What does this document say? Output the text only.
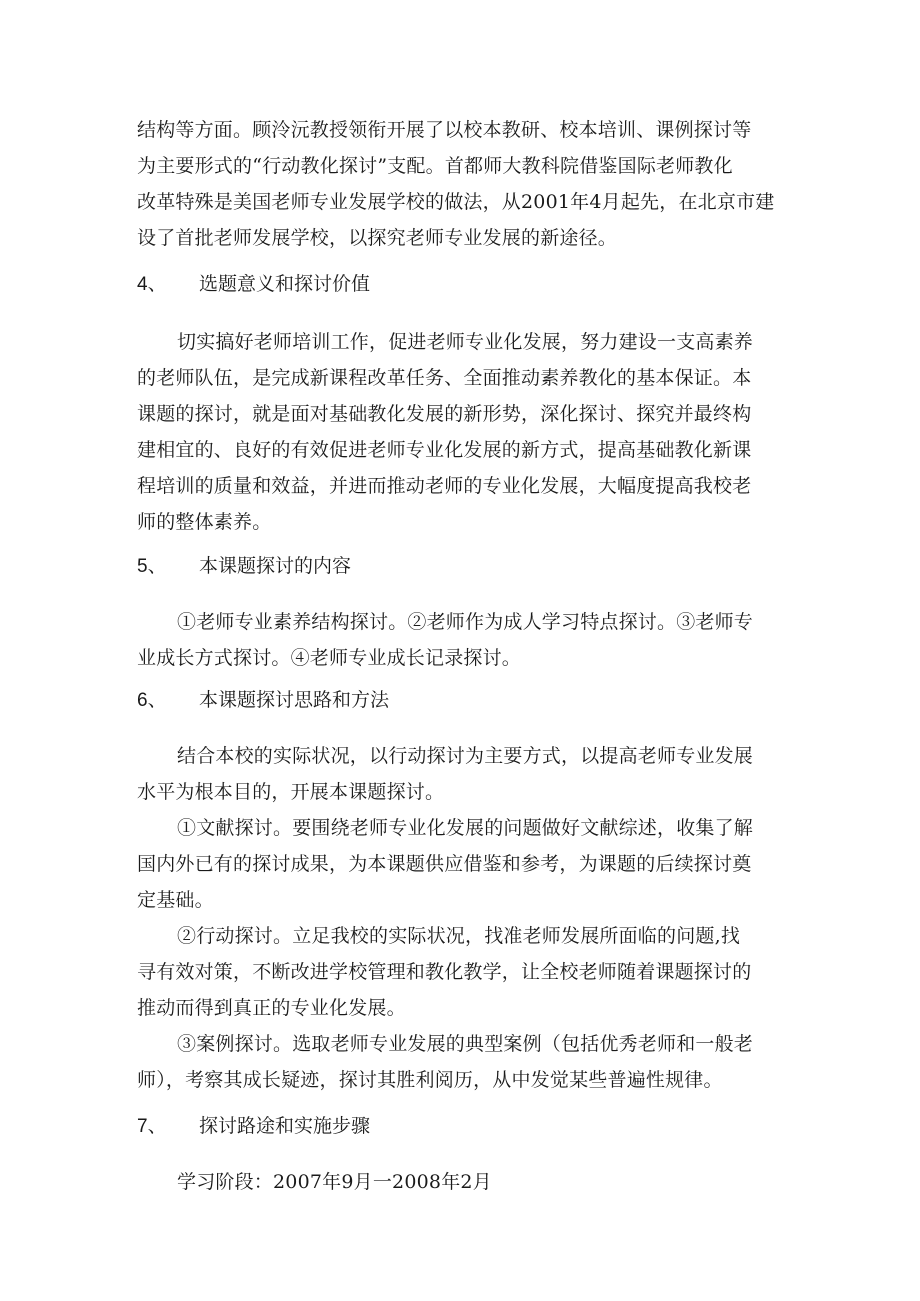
结构等方面。顾泠沅教授领衔开展了以校本教研、校本培训、课例探讨等
为主要形式的“行动教化探讨”支配。首都师大教科院借鉴国际老师教化
改革特殊是美国老师专业发展学校的做法，从2001年4月起先，在北京市建
设了首批老师发展学校，以探究老师专业发展的新途径。
4、 选题意义和探讨价值
切实搞好老师培训工作，促进老师专业化发展，努力建设一支高素养
的老师队伍，是完成新课程改革任务、全面推动素养教化的基本保证。本
课题的探讨，就是面对基础教化发展的新形势，深化探讨、探究并最终构
建相宜的、良好的有效促进老师专业化发展的新方式，提高基础教化新课
程培训的质量和效益，并进而推动老师的专业化发展，大幅度提高我校老
师的整体素养。
5、 本课题探讨的内容
①老师专业素养结构探讨。②老师作为成人学习特点探讨。③老师专
业成长方式探讨。④老师专业成长记录探讨。
6、 本课题探讨思路和方法
结合本校的实际状况，以行动探讨为主要方式，以提高老师专业发展
水平为根本目的，开展本课题探讨。
①文献探讨。要围绕老师专业化发展的问题做好文献综述，收集了解
国内外已有的探讨成果，为本课题供应借鉴和参考，为课题的后续探讨奠
定基础。
②行动探讨。立足我校的实际状况，找准老师发展所面临的问题,找
寻有效对策，不断改进学校管理和教化教学，让全校老师随着课题探讨的
推动而得到真正的专业化发展。
③案例探讨。选取老师专业发展的典型案例（包括优秀老师和一般老
师），考察其成长疑迹，探讨其胜利阅历，从中发觉某些普遍性规律。
7、 探讨路途和实施步骤
学习阶段：2007年9月一2008年2月
